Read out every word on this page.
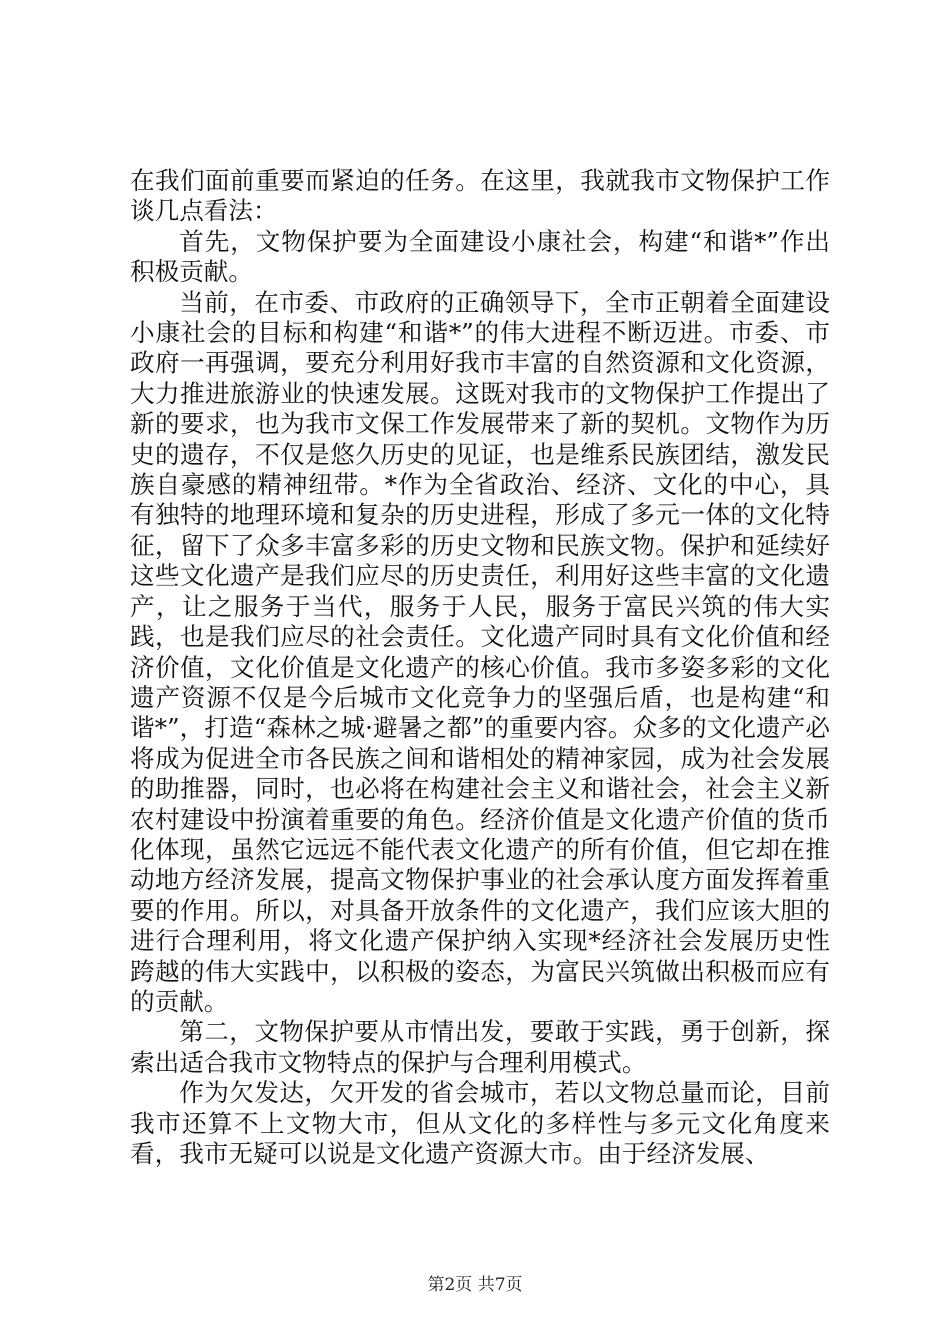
在我们面前重要而紧迫的任务。在这里，我就我市文物保护工作谈几点看法：

首先，文物保护要为全面建设小康社会，构建“和谐*”作出积极贡献。

当前，在市委、市政府的正确领导下，全市正朝着全面建设小康社会的目标和构建“和谐*”的伟大进程不断迈进。市委、市政府一再强调，要充分利用好我市丰富的自然资源和文化资源，大力推进旅游业的快速发展。这既对我市的文物保护工作提出了新的要求，也为我市文保工作发展带来了新的契机。文物作为历史的遗存，不仅是悠久历史的见证，也是维系民族团结，激发民族自豪感的精神纽带。*作为全省政治、经济、文化的中心，具有独特的地理环境和复杂的历史进程，形成了多元一体的文化特征，留下了众多丰富多彩的历史文物和民族文物。保护和延续好这些文化遗产是我们应尽的历史责任，利用好这些丰富的文化遗产，让之服务于当代，服务于人民，服务于富民兴筑的伟大实践，也是我们应尽的社会责任。文化遗产同时具有文化价值和经济价值，文化价值是文化遗产的核心价值。我市多姿多彩的文化遗产资源不仅是今后城市文化竞争力的坚强后盾，也是构建“和谐*”，打造“森林之城·避暑之都”的重要内容。众多的文化遗产必将成为促进全市各民族之间和谐相处的精神家园，成为社会发展的助推器，同时，也必将在构建社会主义和谐社会，社会主义新农村建设中扮演着重要的角色。经济价值是文化遗产价值的货币化体现，虽然它远远不能代表文化遗产的所有价值，但它却在推动地方经济发展，提高文物保护事业的社会承认度方面发挥着重要的作用。所以，对具备开放条件的文化遗产，我们应该大胆的进行合理利用，将文化遗产保护纳入实现*经济社会发展历史性跨越的伟大实践中，以积极的姿态，为富民兴筑做出积极而应有的贡献。

第二，文物保护要从市情出发，要敢于实践，勇于创新，探索出适合我市文物特点的保护与合理利用模式。

作为欠发达，欠开发的省会城市，若以文物总量而论，目前我市还算不上文物大市，但从文化的多样性与多元文化角度来看，我市无疑可以说是文化遗产资源大市。由于经济发展、

第2页 共7页
